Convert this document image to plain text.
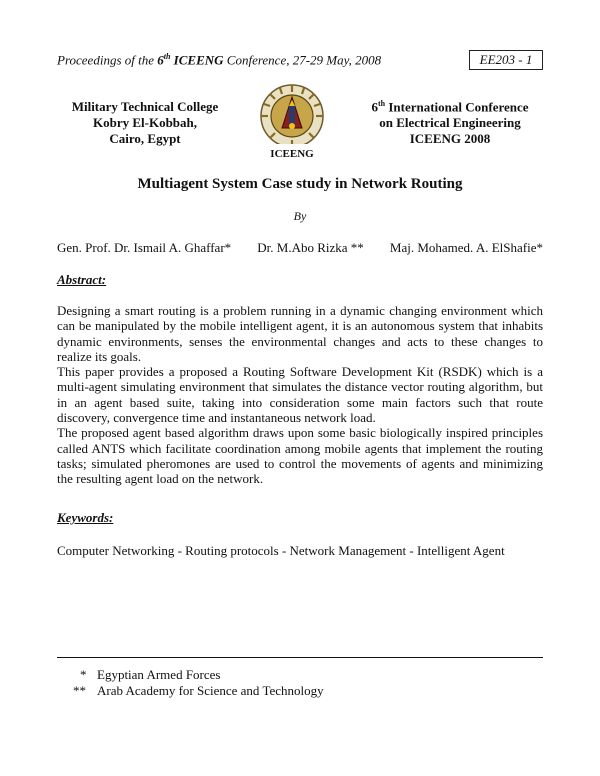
Proceedings of the 6th ICEENG Conference, 27-29 May, 2008	EE203 - 1
Military Technical College
Kobry El-Kobbah,
Cairo, Egypt
ICEENG
6th International Conference
on Electrical Engineering
ICEENG 2008
Multiagent System Case study in Network Routing
By
Gen. Prof. Dr. Ismail A. Ghaffar* Dr. M.Abo Rizka ** Maj. Mohamed. A. ElShafie*
Abstract:

Designing a smart routing is a problem running in a dynamic changing environment which can be manipulated by the mobile intelligent agent, it is an autonomous system that inhabits dynamic environments, senses the environmental changes and acts to these changes to realize its goals.

This paper provides a proposed a Routing Software Development Kit (RSDK) which is a multi-agent simulating environment that simulates the distance vector routing algorithm, but in an agent based suite, taking into consideration some main factors such that route discovery, convergence time and instantaneous network load.

The proposed agent based algorithm draws upon some basic biologically inspired principles called ANTS which facilitate coordination among mobile agents that implement the routing tasks; simulated pheromones are used to control the movements of agents and minimizing the resulting agent load on the network.

Keywords:
Computer Networking - Routing protocols - Network Management - Intelligent Agent
* Egyptian Armed Forces
** Arab Academy for Science and Technology
